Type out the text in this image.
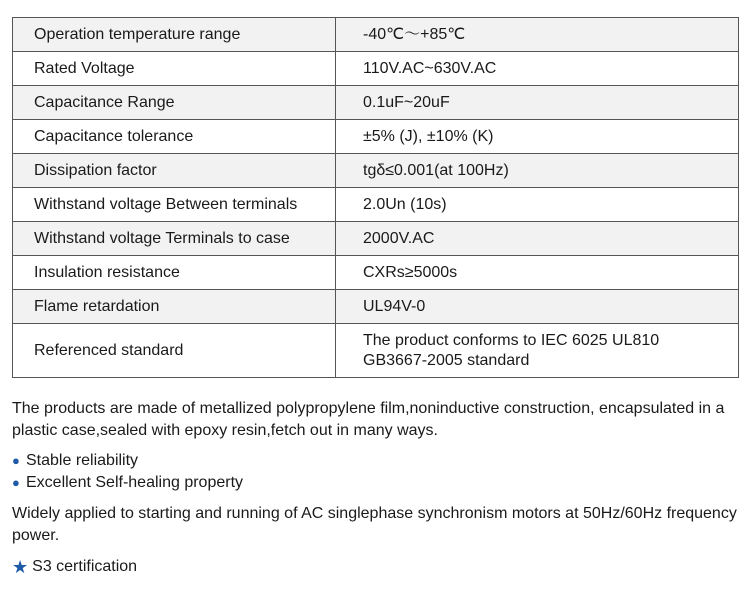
Operation temperature range	-40℃～+85℃
Rated Voltage	110V.AC~630V.AC
Capacitance Range	0.1uF~20uF
Capacitance tolerance	±5% (J), ±10% (K)
Dissipation factor	tgδ≤0.001(at 100Hz)
Withstand voltage Between terminals	2.0Un (10s)
Withstand voltage Terminals to case	2000V.AC
Insulation resistance	CXRs≥5000s
Flame retardation	UL94V-0
Referenced standard	The product conforms to IEC 6025 UL810
GB3667-2005 standard

The products are made of metallized polypropylene film,noninductive construction, encapsulated in a plastic case,sealed with epoxy resin,fetch out in many ways.

● Stable reliability
● Excellent Self-healing property

Widely applied to starting and running of AC singlephase synchronism motors at 50Hz/60Hz frequency power.

★ S3 certification
